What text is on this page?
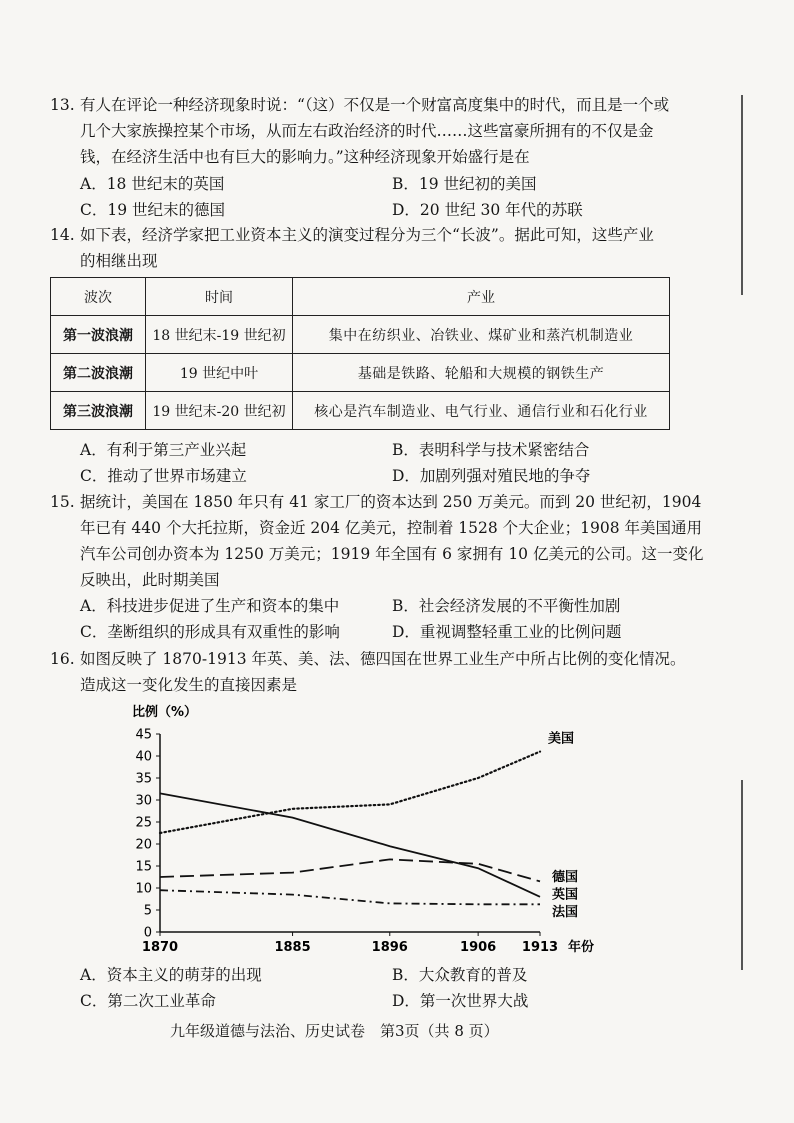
13. 有人在评论一种经济现象时说：“（这）不仅是一个财富高度集中的时代，而且是一个或
几个大家族操控某个市场，从而左右政治经济的时代……这些富豪所拥有的不仅是金
钱，在经济生活中也有巨大的影响力。”这种经济现象开始盛行是在
A．18 世纪末的英国	B．19 世纪初的美国
C．19 世纪末的德国	D．20 世纪 30 年代的苏联
14. 如下表，经济学家把工业资本主义的演变过程分为三个“长波”。据此可知，这些产业
的相继出现
波次	时间	产业
第一波浪潮	18 世纪末-19 世纪初	集中在纺织业、冶铁业、煤矿业和蒸汽机制造业
第二波浪潮	19 世纪中叶	基础是铁路、轮船和大规模的钢铁生产
第三波浪潮	19 世纪末-20 世纪初	核心是汽车制造业、电气行业、通信行业和石化行业
A．有利于第三产业兴起	B．表明科学与技术紧密结合
C．推动了世界市场建立	D．加剧列强对殖民地的争夺
15. 据统计，美国在 1850 年只有 41 家工厂的资本达到 250 万美元。而到 20 世纪初，1904
年已有 440 个大托拉斯，资金近 204 亿美元，控制着 1528 个大企业；1908 年美国通用
汽车公司创办资本为 1250 万美元；1919 年全国有 6 家拥有 10 亿美元的公司。这一变化
反映出，此时期美国
A．科技进步促进了生产和资本的集中	B．社会经济发展的不平衡性加剧
C．垄断组织的形成具有双重性的影响	D．重视调整轻重工业的比例问题
16. 如图反映了 1870-1913 年英、美、法、德四国在世界工业生产中所占比例的变化情况。
造成这一变化发生的直接因素是
0
5
10
15
20
25
30
35
40
45
比例（%）
1870	1885	1896	1906 1913 年份
美国
德国
英国
法国
A．资本主义的萌芽的出现	B．大众教育的普及
C．第二次工业革命	D．第一次世界大战
九年级道德与法治、历史试卷　第3页（共 8 页）
